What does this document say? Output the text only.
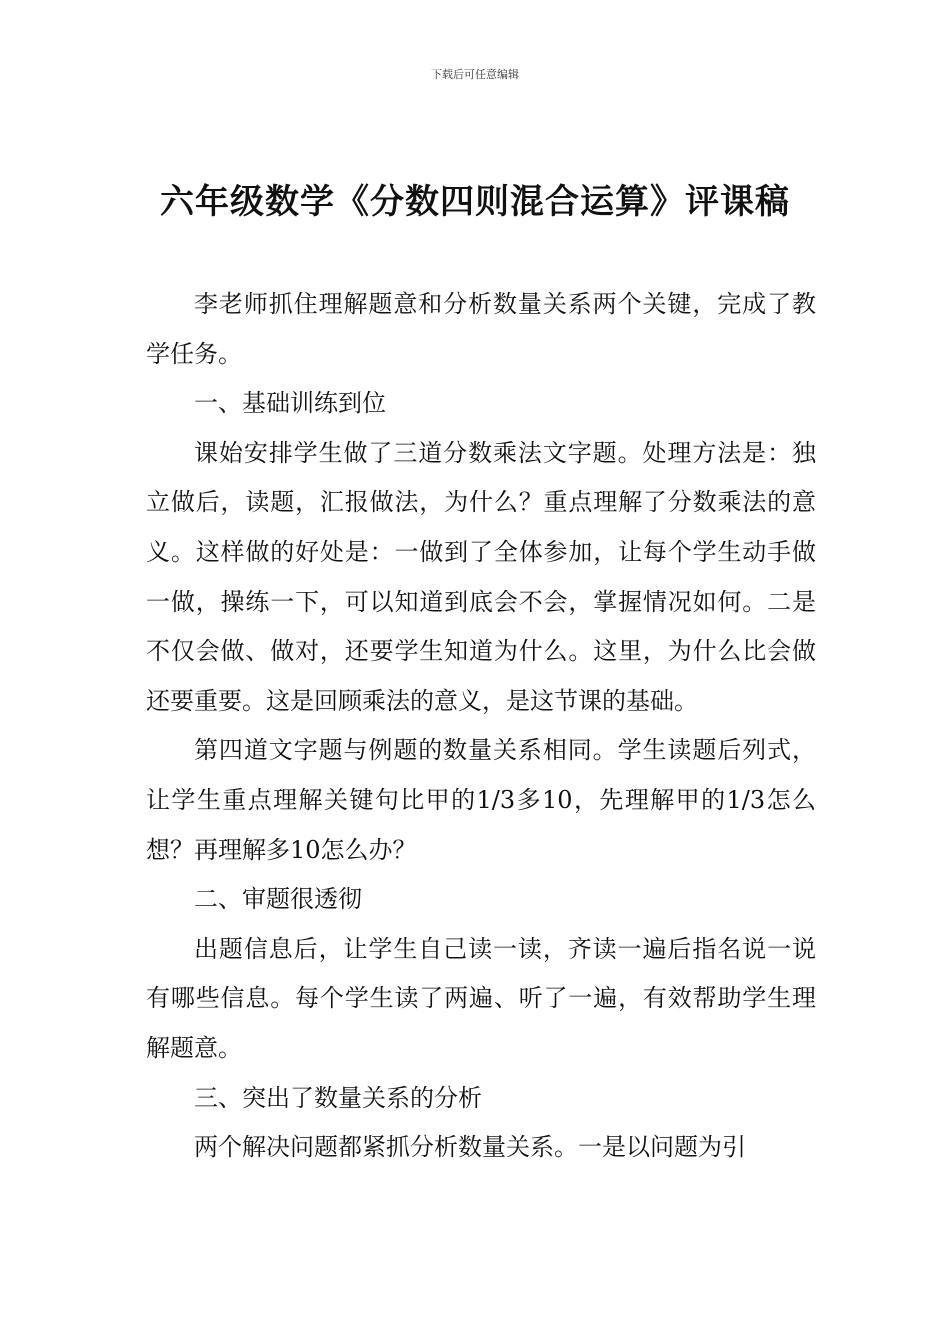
下载后可任意编辑
六年级数学《分数四则混合运算》评课稿

李老师抓住理解题意和分析数量关系两个关键，完成了教学任务。

一、基础训练到位

课始安排学生做了三道分数乘法文字题。处理方法是：独立做后，读题，汇报做法，为什么？重点理解了分数乘法的意义。这样做的好处是：一做到了全体参加，让每个学生动手做一做，操练一下，可以知道到底会不会，掌握情况如何。二是不仅会做、做对，还要学生知道为什么。这里，为什么比会做还要重要。这是回顾乘法的意义，是这节课的基础。

第四道文字题与例题的数量关系相同。学生读题后列式，让学生重点理解关键句比甲的1/3多10，先理解甲的1/3怎么想？再理解多10怎么办？

二、审题很透彻

出题信息后，让学生自己读一读，齐读一遍后指名说一说有哪些信息。每个学生读了两遍、听了一遍，有效帮助学生理解题意。

三、突出了数量关系的分析

两个解决问题都紧抓分析数量关系。一是以问题为引
